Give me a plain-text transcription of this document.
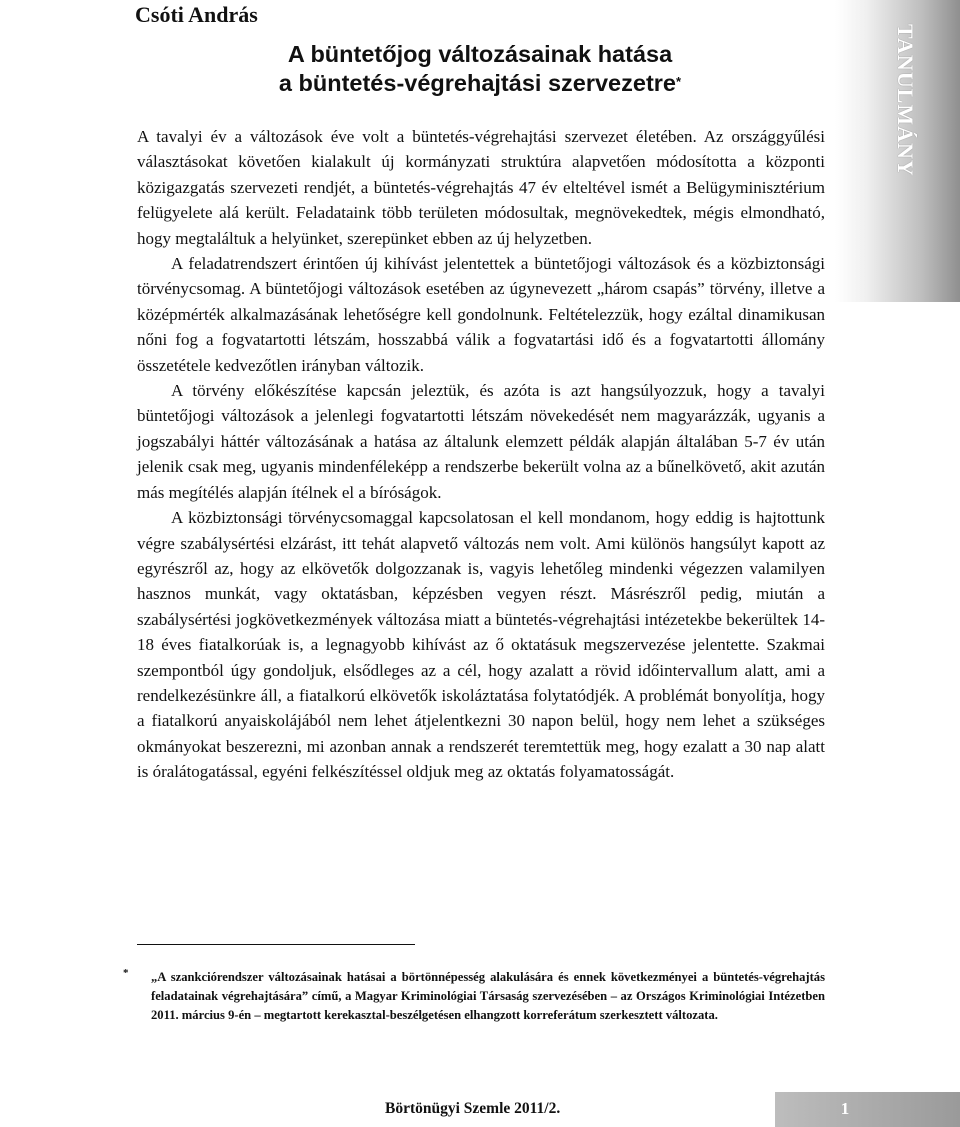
Csóti András
A büntetőjog változásainak hatása
a büntetés-végrehajtási szervezetre*	TANULMÁNY

A tavalyi év a változások éve volt a büntetés-végrehajtási szervezet életében. Az országgyűlési választásokat követően kialakult új kormányzati struktúra alapvetően módosította a központi közigazgatás szervezeti rendjét, a büntetés-végrehajtás 47 év elteltével ismét a Belügyminisztérium felügyelete alá került. Feladataink több területen módosultak, megnövekedtek, mégis elmondható, hogy megtaláltuk a helyünket, szerepünket ebben az új helyzetben.

A feladatrendszert érintően új kihívást jelentettek a büntetőjogi változások és a közbiztonsági törvénycsomag. A büntetőjogi változások esetében az úgynevezett „három csapás” törvény, illetve a középmérték alkalmazásának lehetőségre kell gondolnunk. Feltételezzük, hogy ezáltal dinamikusan nőni fog a fogvatartotti létszám, hosszabbá válik a fogvatartási idő és a fogvatartotti állomány összetétele kedvezőtlen irányban változik.

A törvény előkészítése kapcsán jeleztük, és azóta is azt hangsúlyozzuk, hogy a tavalyi büntetőjogi változások a jelenlegi fogvatartotti létszám növekedését nem magyarázzák, ugyanis a jogszabályi háttér változásának a hatása az általunk elemzett példák alapján általában 5-7 év után jelenik csak meg, ugyanis mindenféleképp a rendszerbe bekerült volna az a bűnelkövető, akit azután más megítélés alapján ítélnek el a bíróságok.

A közbiztonsági törvénycsomaggal kapcsolatosan el kell mondanom, hogy eddig is hajtottunk végre szabálysértési elzárást, itt tehát alapvető változás nem volt. Ami különös hangsúlyt kapott az egyrészről az, hogy az elkövetők dolgozzanak is, vagyis lehetőleg mindenki végezzen valamilyen hasznos munkát, vagy oktatásban, képzésben vegyen részt. Másrészről pedig, miután a szabálysértési jogkövetkezmények változása miatt a büntetés-végrehajtási intézetekbe bekerültek 14-18 éves fiatalkorúak is, a legnagyobb kihívást az ő oktatásuk megszervezése jelentette. Szakmai szempontból úgy gondoljuk, elsődleges az a cél, hogy azalatt a rövid időintervallum alatt, ami a rendelkezésünkre áll, a fiatalkorú elkövetők iskoláztatása folytatódjék. A problémát bonyolítja, hogy a fiatalkorú anyaiskolájából nem lehet átjelentkezni 30 napon belül, hogy nem lehet a szükséges okmányokat beszerezni, mi azonban annak a rendszerét teremtettük meg, hogy ezalatt a 30 nap alatt is óralátogatással, egyéni felkészítéssel oldjuk meg az oktatás folyamatosságát.

* „A szankciórendszer változásainak hatásai a börtönnépesség alakulására és ennek következményei a büntetés-végrehajtás feladatainak végrehajtására” című, a Magyar Kriminológiai Társaság szervezésében – az Országos Kriminológiai Intézetben 2011. március 9-én – megtartott kerekasztal-beszélgetésen elhangzott korreferátum szerkesztett változata.
Börtönügyi Szemle 2011/2.	1
